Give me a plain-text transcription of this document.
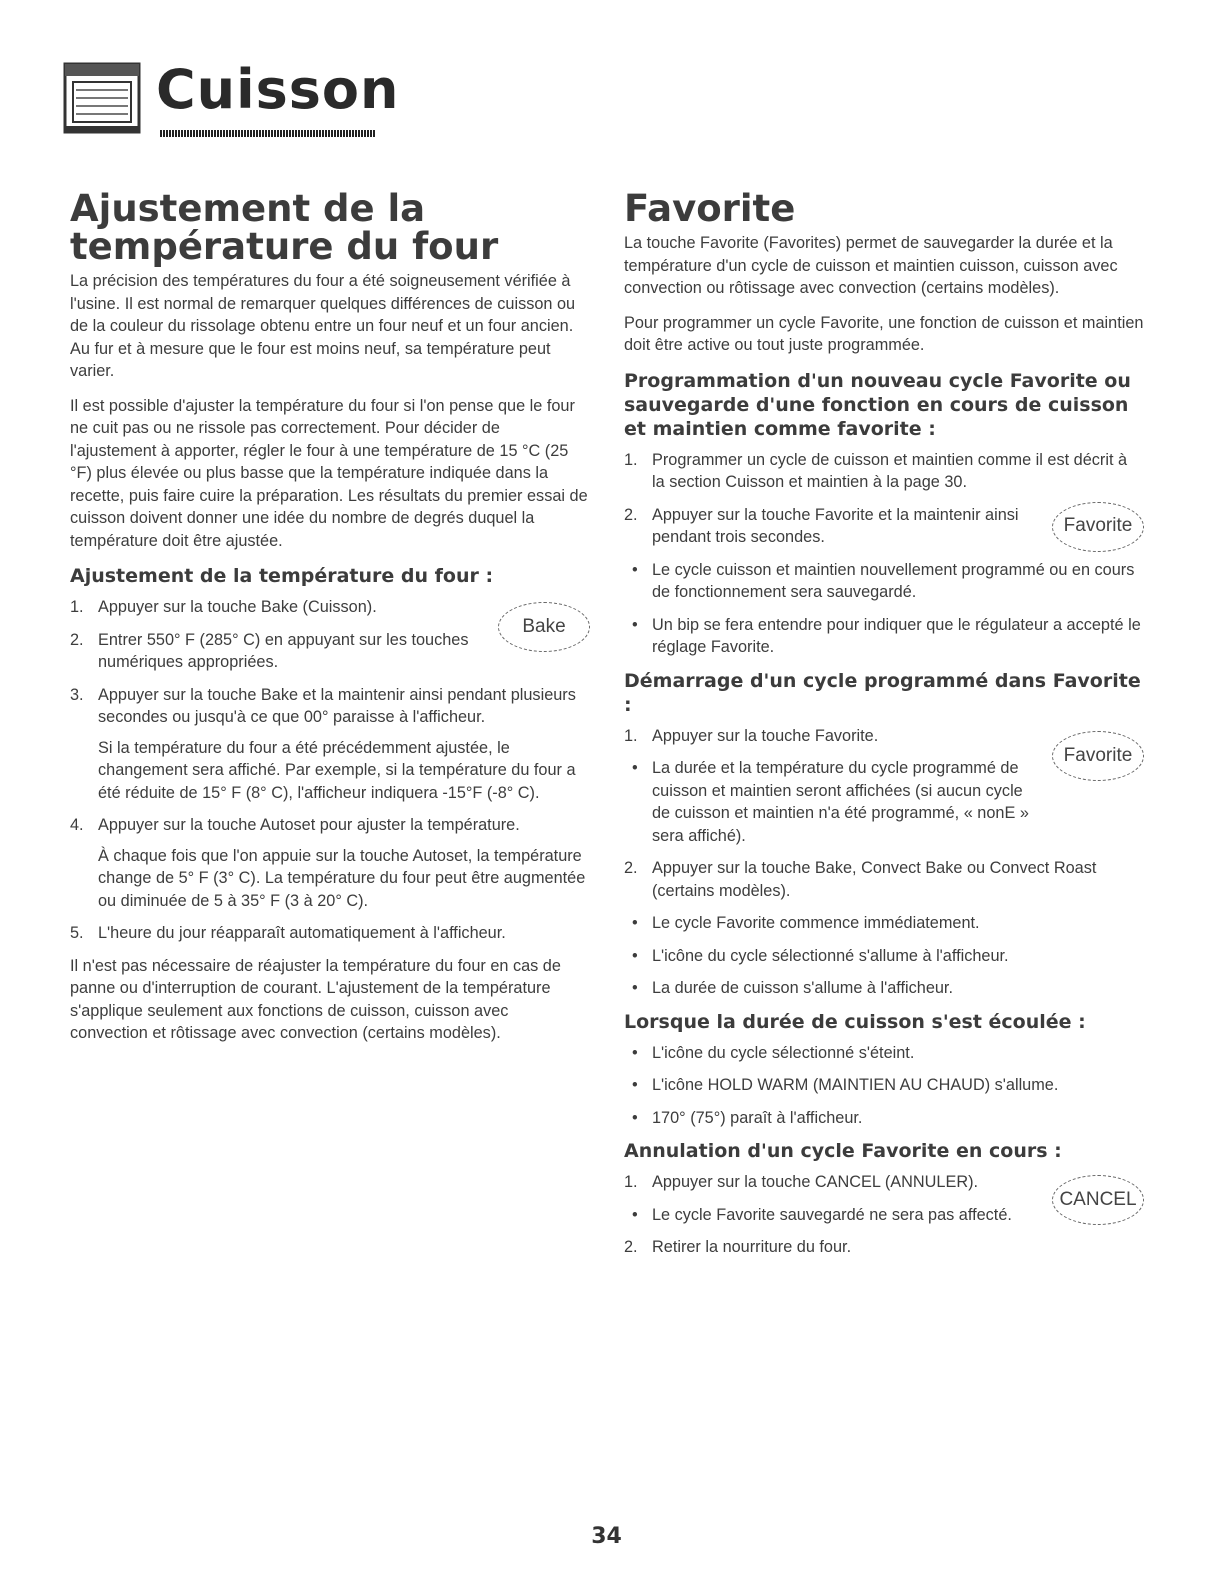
Cuisson
Ajustement de la température du four

La précision des températures du four a été soigneusement vérifiée à l'usine. Il est normal de remarquer quelques différences de cuisson ou de la couleur du rissolage obtenu entre un four neuf et un four ancien. Au fur et à mesure que le four est moins neuf, sa température peut varier.

Il est possible d'ajuster la température du four si l'on pense que le four ne cuit pas ou ne rissole pas correctement. Pour décider de l'ajustement à apporter, régler le four à une température de 15 °C (25 °F) plus élevée ou plus basse que la température indiquée dans la recette, puis faire cuire la préparation. Les résultats du premier essai de cuisson doivent donner une idée du nombre de degrés duquel la température doit être ajustée.

Ajustement de la température du four :
Bake
1. Appuyer sur la touche Bake (Cuisson).
2. Entrer 550° F (285° C) en appuyant sur les touches numériques appropriées.
3. Appuyer sur la touche Bake et la maintenir ainsi pendant plusieurs secondes ou jusqu'à ce que 00° paraisse à l'afficheur.
Si la température du four a été précédemment ajustée, le changement sera affiché. Par exemple, si la température du four a été réduite de 15° F (8° C), l'afficheur indiquera -15°F (-8° C).
4. Appuyer sur la touche Autoset pour ajuster la température.
À chaque fois que l'on appuie sur la touche Autoset, la température change de 5° F (3° C). La température du four peut être augmentée ou diminuée de 5 à 35° F (3 à 20° C).
5. L'heure du jour réapparaît automatiquement à l'afficheur.

Il n'est pas nécessaire de réajuster la température du four en cas de panne ou d'interruption de courant. L'ajustement de la température s'applique seulement aux fonctions de cuisson, cuisson avec convection et rôtissage avec convection (certains modèles).

Favorite

La touche Favorite (Favorites) permet de sauvegarder la durée et la température d'un cycle de cuisson et maintien cuisson, cuisson avec convection ou rôtissage avec convection (certains modèles).

Pour programmer un cycle Favorite, une fonction de cuisson et maintien doit être active ou tout juste programmée.

Programmation d'un nouveau cycle Favorite ou sauvegarde d'une fonction en cours de cuisson et maintien comme favorite :
1. Programmer un cycle de cuisson et maintien comme il est décrit à la section Cuisson et maintien à la page 30.
Favorite
2. Appuyer sur la touche Favorite et la maintenir ainsi pendant trois secondes.
• Le cycle cuisson et maintien nouvellement programmé ou en cours de fonctionnement sera sauvegardé.
• Un bip se fera entendre pour indiquer que le régulateur a accepté le réglage Favorite.
Démarrage d'un cycle programmé dans Favorite :
Favorite
1. Appuyer sur la touche Favorite.
• La durée et la température du cycle programmé de cuisson et maintien seront affichées (si aucun cycle de cuisson et maintien n'a été programmé, « nonE » sera affiché).
2. Appuyer sur la touche Bake, Convect Bake ou Convect Roast (certains modèles).
• Le cycle Favorite commence immédiatement.
• L'icône du cycle sélectionné s'allume à l'afficheur.
• La durée de cuisson s'allume à l'afficheur.
Lorsque la durée de cuisson s'est écoulée :
• L'icône du cycle sélectionné s'éteint.
• L'icône HOLD WARM (MAINTIEN AU CHAUD) s'allume.
• 170° (75°) paraît à l'afficheur.
Annulation d'un cycle Favorite en cours :
CANCEL
1. Appuyer sur la touche CANCEL (ANNULER).
• Le cycle Favorite sauvegardé ne sera pas affecté.
2. Retirer la nourriture du four.
34
